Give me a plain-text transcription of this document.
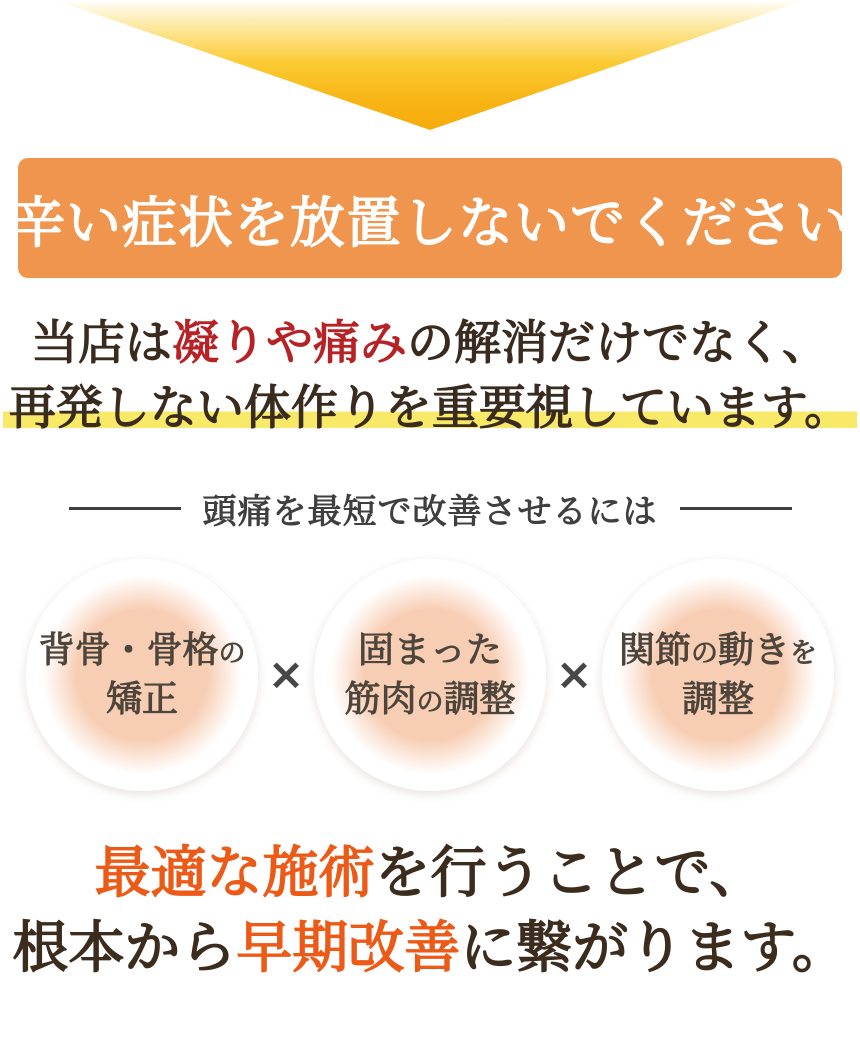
辛い症状を放置しないでください
当店は凝りや痛みの解消だけでなく、
再発しない体作りを重要視しています。
頭痛を最短で改善させるには
背骨・骨格の
矯正	×	固まった
筋肉の調整 × 関節の動きを
調整
最適な施術を行うことで、
根本から早期改善に繋がります。
